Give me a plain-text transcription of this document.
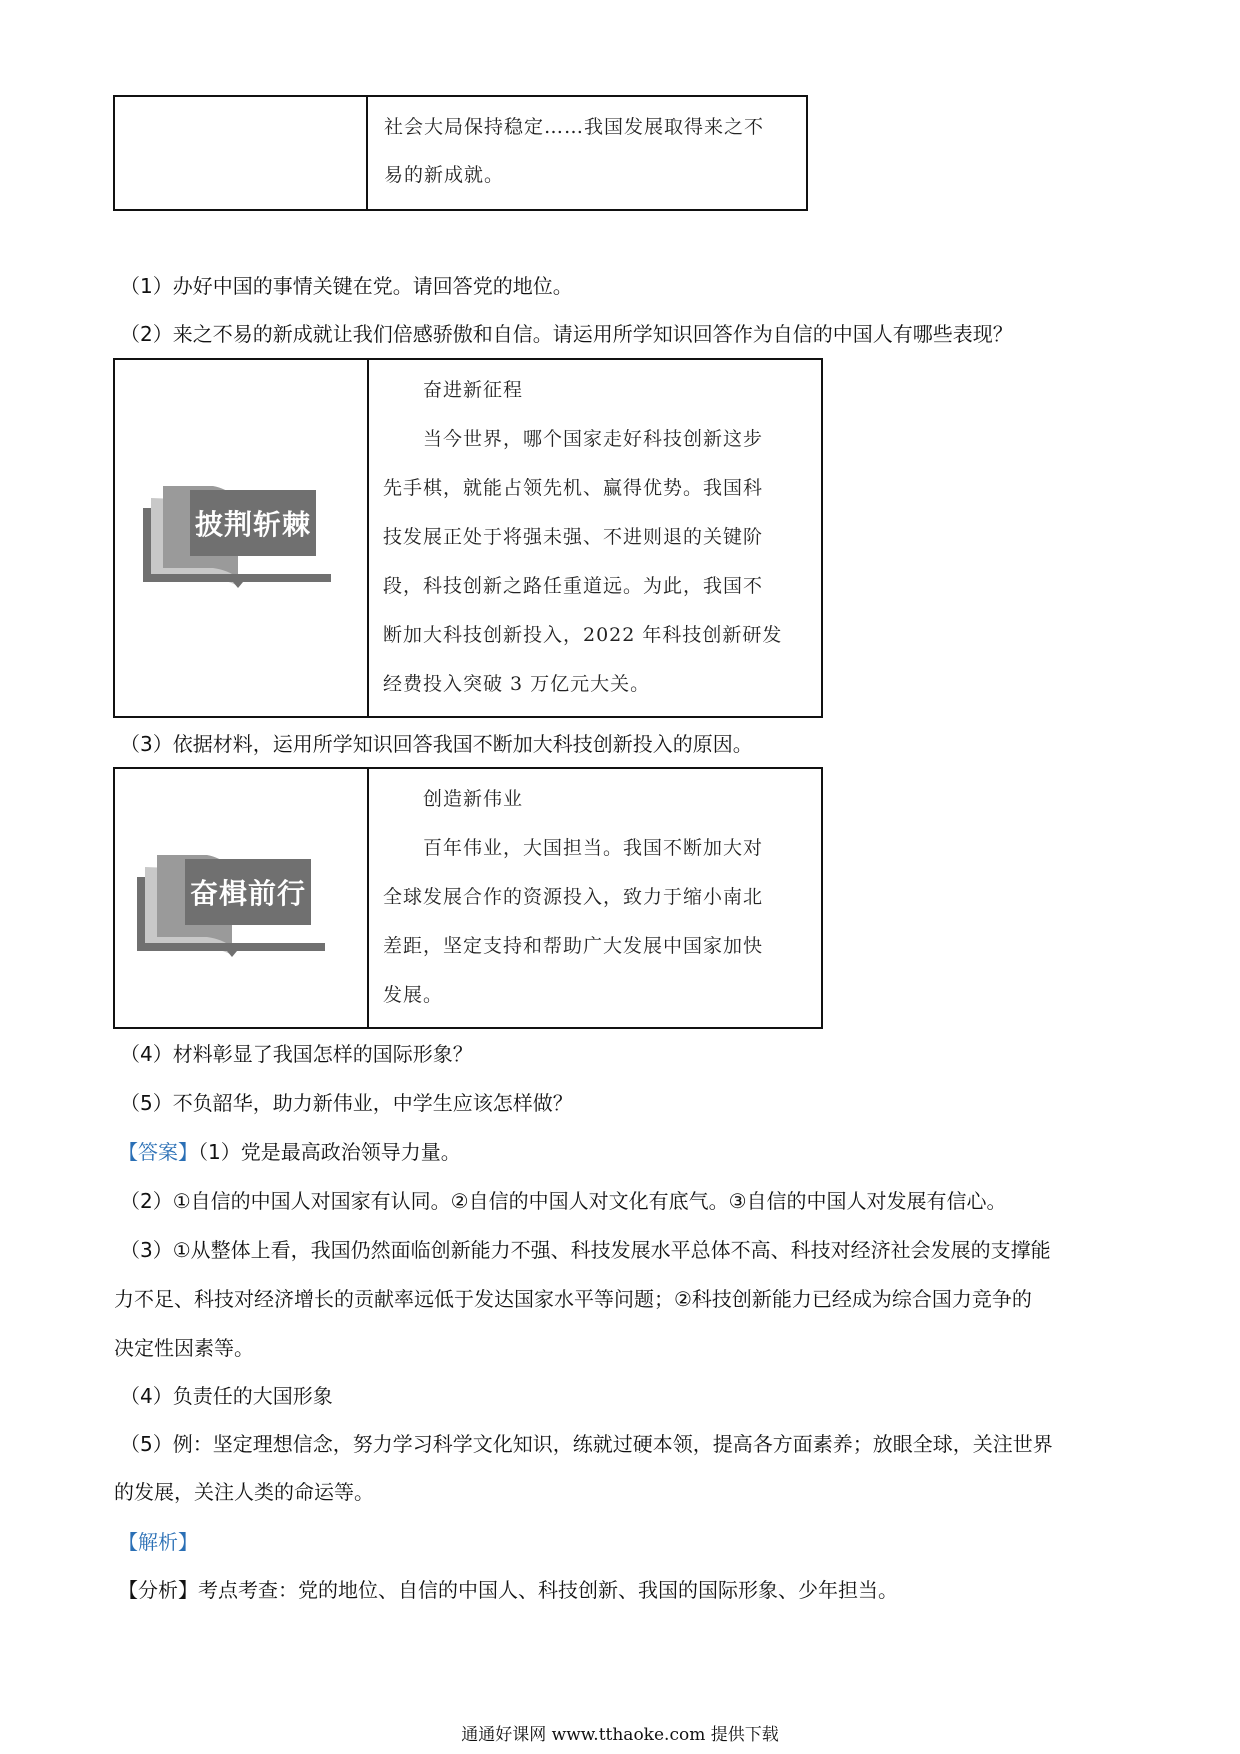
社会大局保持稳定……我国发展取得来之不

易的新成就。

（1）办好中国的事情关键在党。请回答党的地位。
（2）来之不易的新成就让我们倍感骄傲和自信。请运用所学知识回答作为自信的中国人有哪些表现？
披荆斩棘

奋进新征程

当今世界，哪个国家走好科技创新这步

先手棋，就能占领先机、赢得优势。我国科

技发展正处于将强未强、不进则退的关键阶

段，科技创新之路任重道远。为此，我国不

断加大科技创新投入，2022 年科技创新研发

经费投入突破 3 万亿元大关。

（3）依据材料，运用所学知识回答我国不断加大科技创新投入的原因。
奋楫前行

创造新伟业

百年伟业，大国担当。我国不断加大对

全球发展合作的资源投入，致力于缩小南北

差距，坚定支持和帮助广大发展中国家加快

发展。

（4）材料彰显了我国怎样的国际形象？
（5）不负韶华，助力新伟业，中学生应该怎样做？
【答案】（1）党是最高政治领导力量。
（2）①自信的中国人对国家有认同。②自信的中国人对文化有底气。③自信的中国人对发展有信心。
（3）①从整体上看，我国仍然面临创新能力不强、科技发展水平总体不高、科技对经济社会发展的支撑能
力不足、科技对经济增长的贡献率远低于发达国家水平等问题；②科技创新能力已经成为综合国力竞争的
决定性因素等。
（4）负责任的大国形象
（5）例：坚定理想信念，努力学习科学文化知识，练就过硬本领，提高各方面素养；放眼全球，关注世界
的发展，关注人类的命运等。
【解析】
【分析】考点考查：党的地位、自信的中国人、科技创新、我国的国际形象、少年担当。
通通好课网 www.tthaoke.com 提供下载
